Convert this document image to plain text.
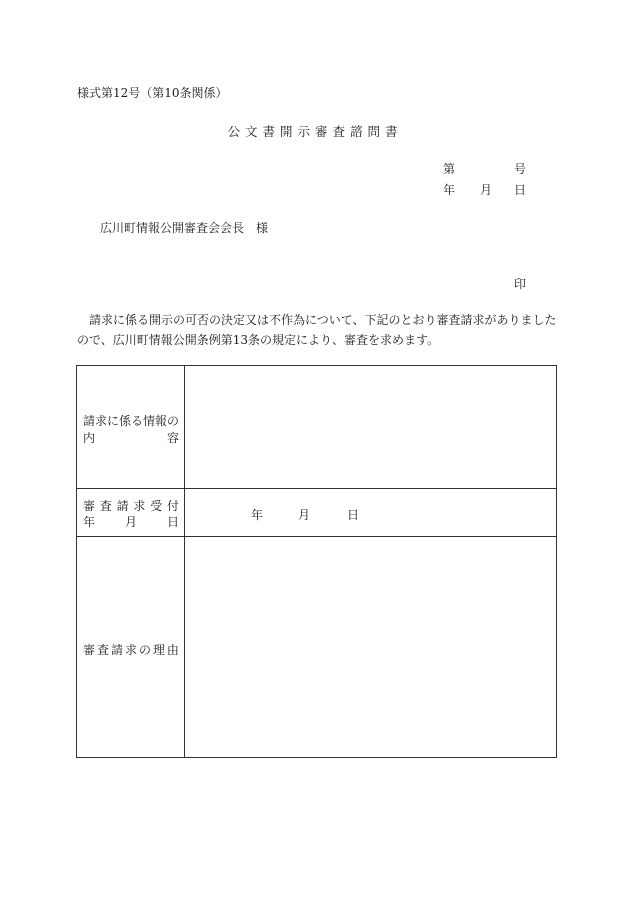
様式第12号（第10条関係）
公文書開示審査諮問書
第	号
年 月 日
広川町情報公開審査会会長　様
印
請求に係る開示の可否の決定又は不作為について、下記のとおり審査請求がありました
ので、広川町情報公開条例第13条の規定により、審査を求めます。
請求に係る情報の
内	容
審 査 請 求 受 付
年 月 日	年	月	日
審 査 請 求 の 理 由
